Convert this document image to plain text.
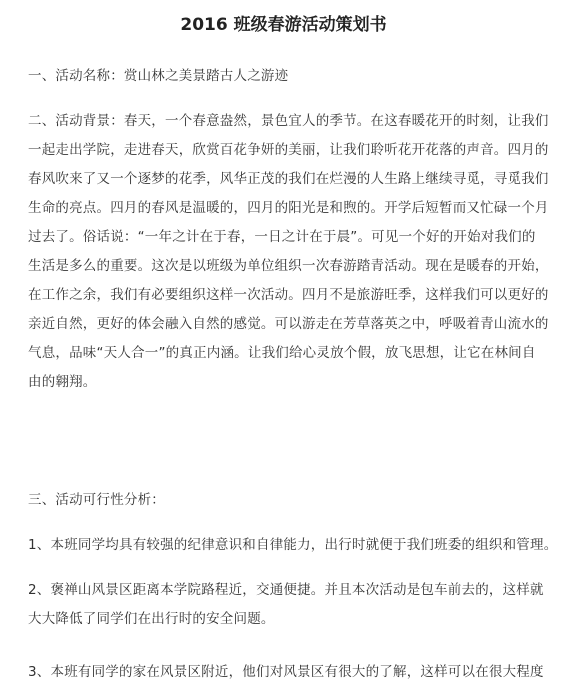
2016 班级春游活动策划书
一、活动名称：赏山林之美景踏古人之游迹
二、活动背景：春天，一个春意盎然，景色宜人的季节。在这春暖花开的时刻，让我们
一起走出学院，走进春天，欣赏百花争妍的美丽，让我们聆听花开花落的声音。四月的
春风吹来了又一个逐梦的花季，风华正茂的我们在烂漫的人生路上继续寻觅，寻觅我们
生命的亮点。四月的春风是温暖的，四月的阳光是和煦的。开学后短暂而又忙碌一个月
过去了。俗话说：“一年之计在于春，一日之计在于晨”。可见一个好的开始对我们的
生活是多么的重要。这次是以班级为单位组织一次春游踏青活动。现在是暖春的开始，
在工作之余，我们有必要组织这样一次活动。四月不是旅游旺季，这样我们可以更好的
亲近自然，更好的体会融入自然的感觉。可以游走在芳草落英之中，呼吸着青山流水的
气息，品味“天人合一”的真正内涵。让我们给心灵放个假，放飞思想，让它在林间自
由的翱翔。
三、活动可行性分析：
1、本班同学均具有较强的纪律意识和自律能力，出行时就便于我们班委的组织和管理。
2、褒禅山风景区距离本学院路程近，交通便捷。并且本次活动是包车前去的，这样就
大大降低了同学们在出行时的安全问题。
3、本班有同学的家在风景区附近，他们对风景区有很大的了解，这样可以在很大程度
